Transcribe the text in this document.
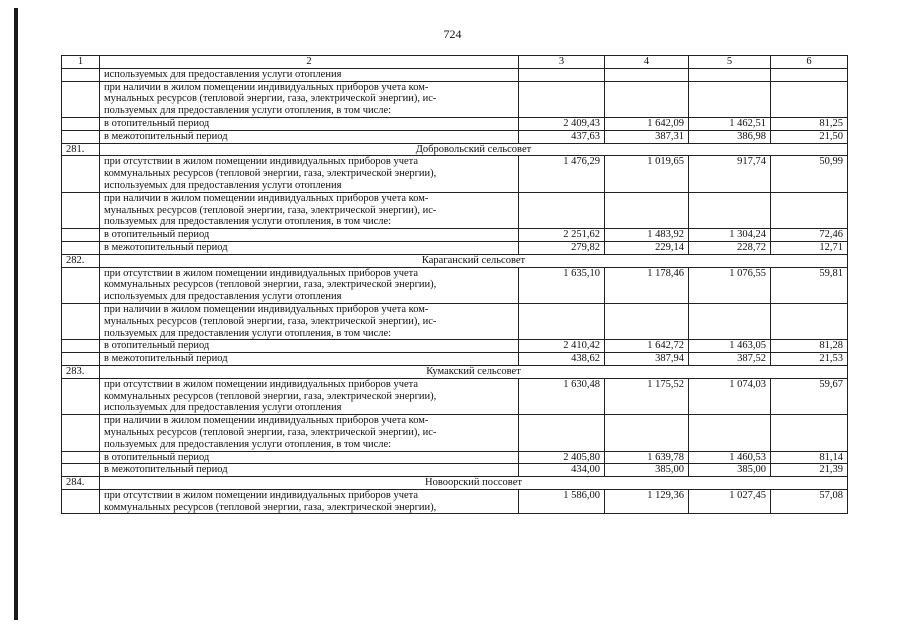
724
1	2	3	4	5	6

	используемых для предоставления услуги отопления				

	при наличии в жилом помещении индивидуальных приборов учета ком-
мунальных ресурсов (тепловой энергии, газа, электрической энергии), ис-
пользуемых для предоставления услуги отопления, в том числе:				

	в отопительный период	2 409,43	1 642,09	1 462,51	81,25

	в межотопительный период	437,63	387,31	386,98	21,50
281.	Добровольский сельсовет				

	при отсутствии в жилом помещении индивидуальных приборов учета
коммунальных ресурсов (тепловой энергии, газа, электрической энергии),
используемых для предоставления услуги отопления	1 476,29	1 019,65	917,74	50,99

	при наличии в жилом помещении индивидуальных приборов учета ком-
мунальных ресурсов (тепловой энергии, газа, электрической энергии), ис-
пользуемых для предоставления услуги отопления, в том числе:				

	в отопительный период	2 251,62	1 483,92	1 304,24	72,46

	в межотопительный период	279,82	229,14	228,72	12,71
282.	Караганский сельсовет				

	при отсутствии в жилом помещении индивидуальных приборов учета
коммунальных ресурсов (тепловой энергии, газа, электрической энергии),
используемых для предоставления услуги отопления	1 635,10	1 178,46	1 076,55	59,81

	при наличии в жилом помещении индивидуальных приборов учета ком-
мунальных ресурсов (тепловой энергии, газа, электрической энергии), ис-
пользуемых для предоставления услуги отопления, в том числе:				

	в отопительный период	2 410,42	1 642,72	1 463,05	81,28

	в межотопительный период	438,62	387,94	387,52	21,53
283.	Кумакский сельсовет				

	при отсутствии в жилом помещении индивидуальных приборов учета
коммунальных ресурсов (тепловой энергии, газа, электрической энергии),
используемых для предоставления услуги отопления	1 630,48	1 175,52	1 074,03	59,67

	при наличии в жилом помещении индивидуальных приборов учета ком-
мунальных ресурсов (тепловой энергии, газа, электрической энергии), ис-
пользуемых для предоставления услуги отопления, в том числе:				

	в отопительный период	2 405,80	1 639,78	1 460,53	81,14

	в межотопительный период	434,00	385,00	385,00	21,39
284.	Новоорский поссовет				

	при отсутствии в жилом помещении индивидуальных приборов учета
коммунальных ресурсов (тепловой энергии, газа, электрической энергии),	1 586,00	1 129,36	1 027,45	57,08
